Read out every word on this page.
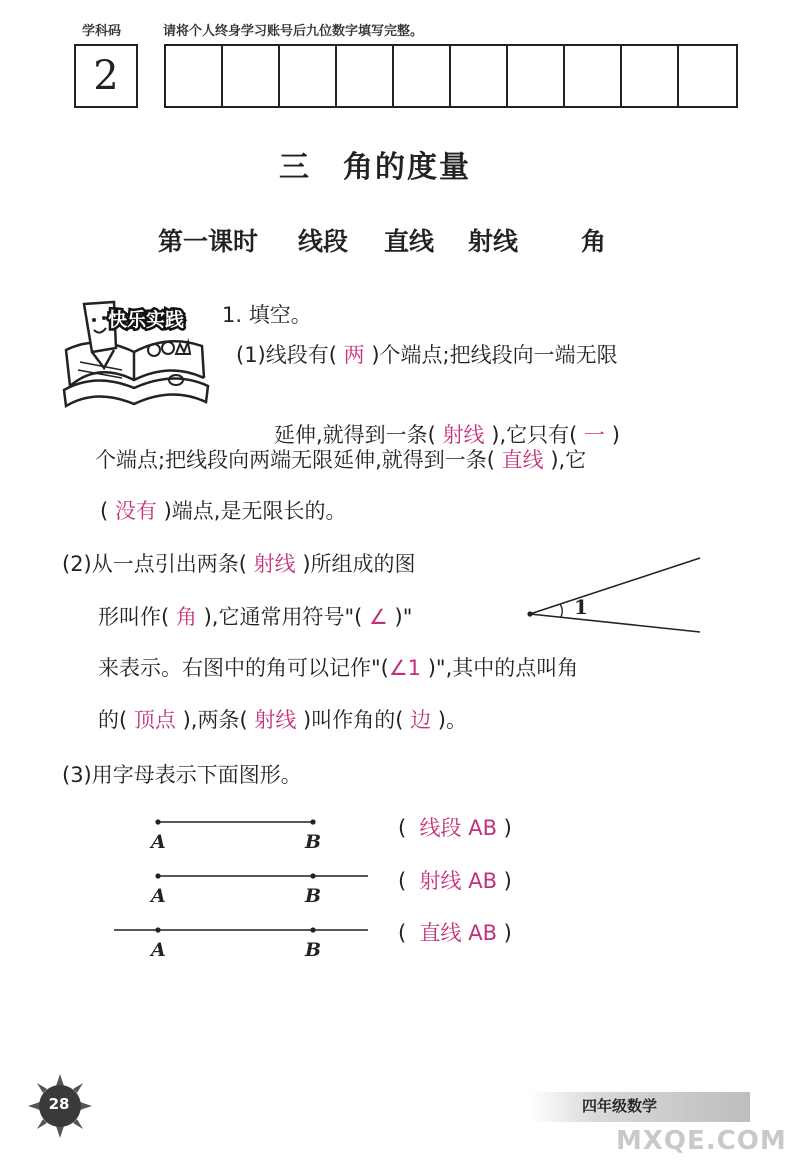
学科码	请将个人终身学习账号后九位数字填写完整。
2
三　角的度量
第一课时 线段 直线 射线	角
快乐实践 1. 填空。
(1)线段有( 两 )个端点;把线段向一端无限
延伸,就得到一条( 射线 ),它只有( 一 )
个端点;把线段向两端无限延伸,就得到一条( 直线 ),它
( 没有 )端点,是无限长的。
(2)从一点引出两条( 射线 )所组成的图
形叫作( 角 ),它通常用符号"( ∠ )"
来表示。右图中的角可以记作"(∠1 )",其中的点叫角
的( 顶点 ),两条( 射线 )叫作角的( 边 )。
1
(3)用字母表示下面图形。
A	B
A	B
A	B
(  线段 AB )
(  射线 AB )
(  直线 AB )
28	四年级数学
MXQE.COM
